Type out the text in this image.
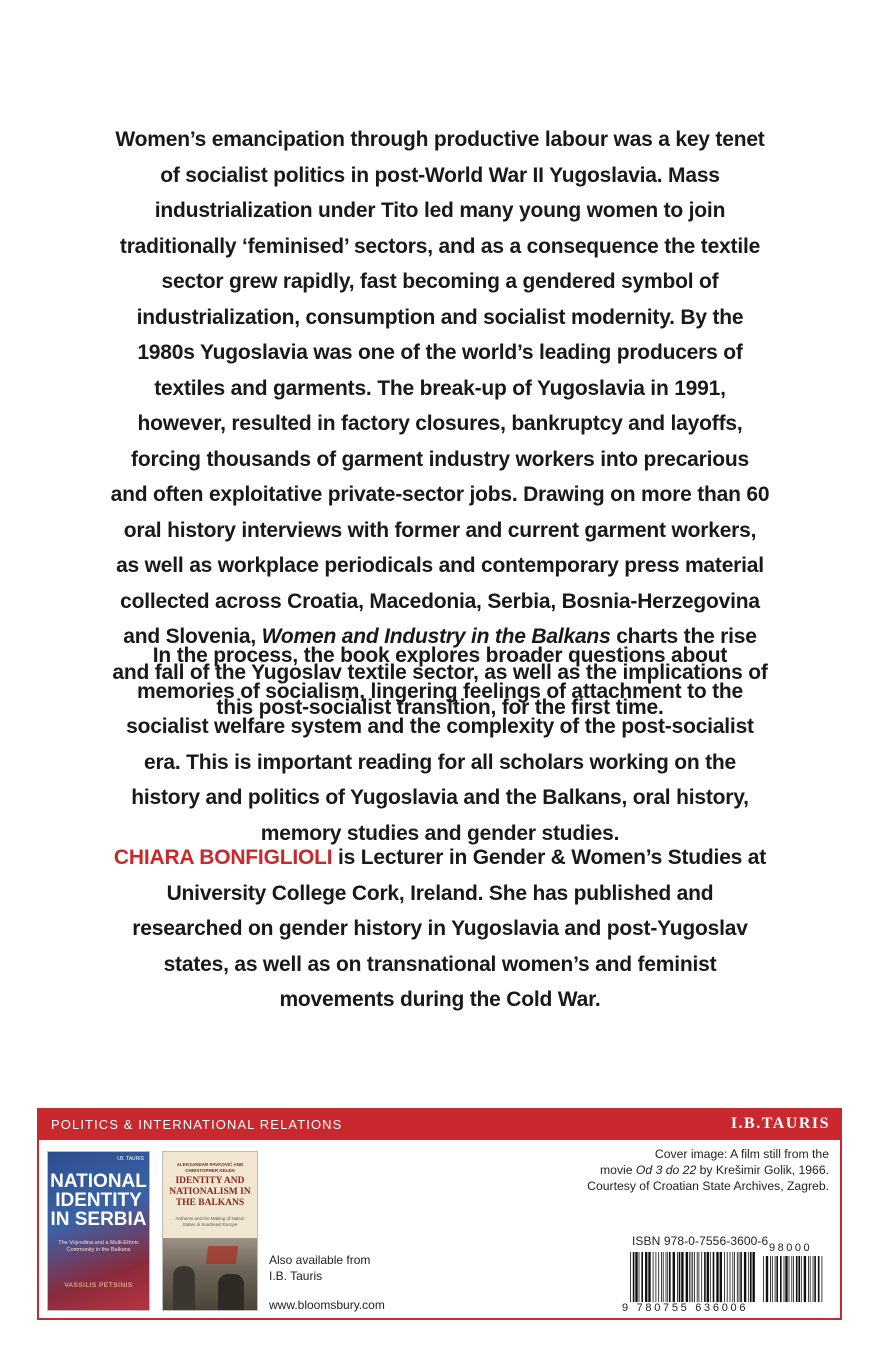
Women’s emancipation through productive labour was a key tenet of socialist politics in post-World War II Yugoslavia. Mass industrialization under Tito led many young women to join traditionally ‘feminised’ sectors, and as a consequence the textile sector grew rapidly, fast becoming a gendered symbol of industrialization, consumption and socialist modernity. By the 1980s Yugoslavia was one of the world’s leading producers of textiles and garments. The break-up of Yugoslavia in 1991, however, resulted in factory closures, bankruptcy and layoffs, forcing thousands of garment industry workers into precarious and often exploitative private-sector jobs. Drawing on more than 60 oral history interviews with former and current garment workers, as well as workplace periodicals and contemporary press material collected across Croatia, Macedonia, Serbia, Bosnia-Herzegovina and Slovenia, Women and Industry in the Balkans charts the rise and fall of the Yugoslav textile sector, as well as the implications of this post-socialist transition, for the first time.

In the process, the book explores broader questions about memories of socialism, lingering feelings of attachment to the socialist welfare system and the complexity of the post-socialist era. This is important reading for all scholars working on the history and politics of Yugoslavia and the Balkans, oral history, memory studies and gender studies.

CHIARA BONFIGLIOLI is Lecturer in Gender & Women’s Studies at University College Cork, Ireland. She has published and researched on gender history in Yugoslavia and post-Yugoslav states, as well as on transnational women’s and feminist movements during the Cold War.

POLITICS & INTERNATIONAL RELATIONS	I.B.TAURIS
I.B. TAURIS
NATIONAL
IDENTITY
IN SERBIA
The Vojvodina and a Multi-Ethnic Community in the Balkans
VASSILIS PETSINIS
ALEKSANDAR PAVKOVIĆ AND CHRISTOPHER KELEN
IDENTITY AND
NATIONALISM IN
THE BALKANS
Anthems and the Making of Nation States in Southeast Europe
Also available from
I.B. Tauris
www.bloomsbury.com
Cover image: A film still from the
movie Od 3 do 22 by Krešimir Golik, 1966.
Courtesy of Croatian State Archives, Zagreb.
ISBN 978-0-7556-3600-6 98000
9 780755 636006
